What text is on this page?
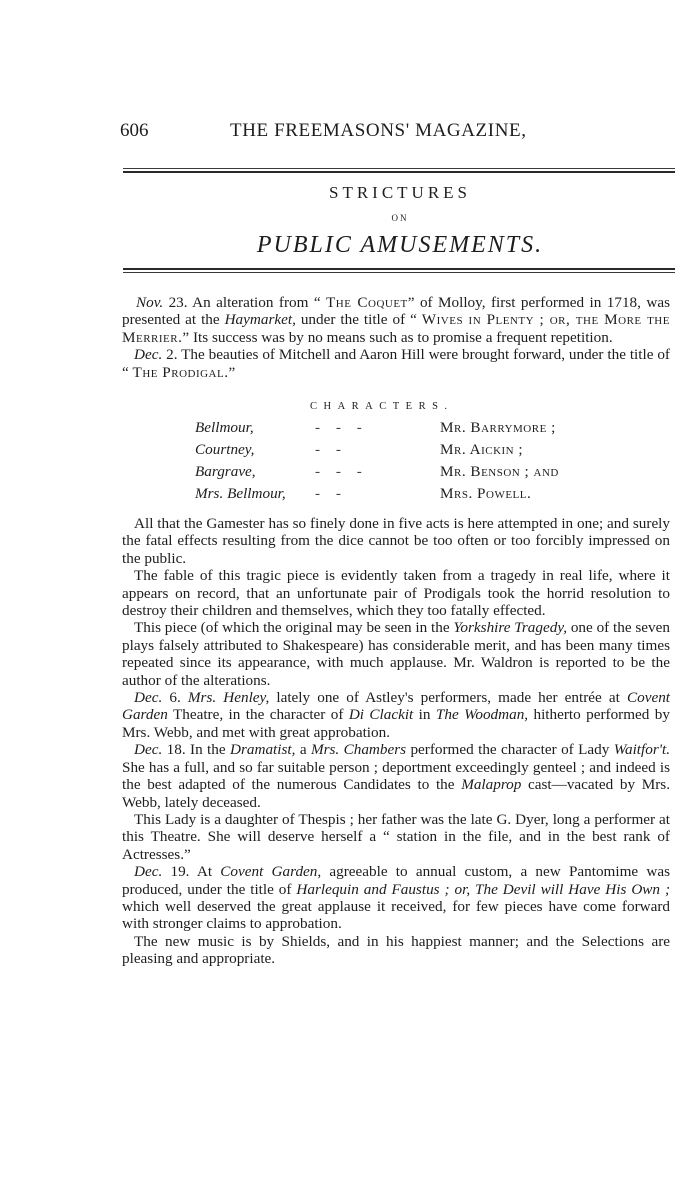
606	THE FREEMASONS' MAGAZINE,
STRICTURES
ON
PUBLIC AMUSEMENTS.

Nov. 23. An alteration from “ The Coquet” of Molloy, first performed in 1718, was presented at the Haymarket, under the title of “ Wives in Plenty ; or, the More the Merrier.” Its success was by no means such as to promise a frequent repetition.

Dec. 2. The beauties of Mitchell and Aaron Hill were brought forward, under the title of “ The Prodigal.”

CHARACTERS.
Bellmour,	- - -	Mr. Barrymore ;
Courtney,	- -	Mr. Aickin ;
Bargrave,	- - -	Mr. Benson ; and
Mrs. Bellmour, - -	Mrs. Powell.

All that the Gamester has so finely done in five acts is here attempted in one; and surely the fatal effects resulting from the dice cannot be too often or too forcibly impressed on the public.

The fable of this tragic piece is evidently taken from a tragedy in real life, where it appears on record, that an unfortunate pair of Prodigals took the horrid resolution to destroy their children and themselves, which they too fatally effected.

This piece (of which the original may be seen in the Yorkshire Tragedy, one of the seven plays falsely attributed to Shakespeare) has considerable merit, and has been many times repeated since its appearance, with much applause. Mr. Waldron is reported to be the author of the alterations.

Dec. 6. Mrs. Henley, lately one of Astley's performers, made her entrée at Covent Garden Theatre, in the character of Di Clackit in The Woodman, hitherto performed by Mrs. Webb, and met with great approbation.

Dec. 18. In the Dramatist, a Mrs. Chambers performed the character of Lady Waitfor't. She has a full, and so far suitable person ; deportment exceedingly genteel ; and indeed is the best adapted of the numerous Candidates to the Malaprop cast—vacated by Mrs. Webb, lately deceased.

This Lady is a daughter of Thespis ; her father was the late G. Dyer, long a performer at this Theatre. She will deserve herself a “ station in the file, and in the best rank of Actresses.”

Dec. 19. At Covent Garden, agreeable to annual custom, a new Pantomime was produced, under the title of Harlequin and Faustus ; or, The Devil will Have His Own ; which well deserved the great applause it received, for few pieces have come forward with stronger claims to approbation.

The new music is by Shields, and in his happiest manner; and the Selections are pleasing and appropriate.
